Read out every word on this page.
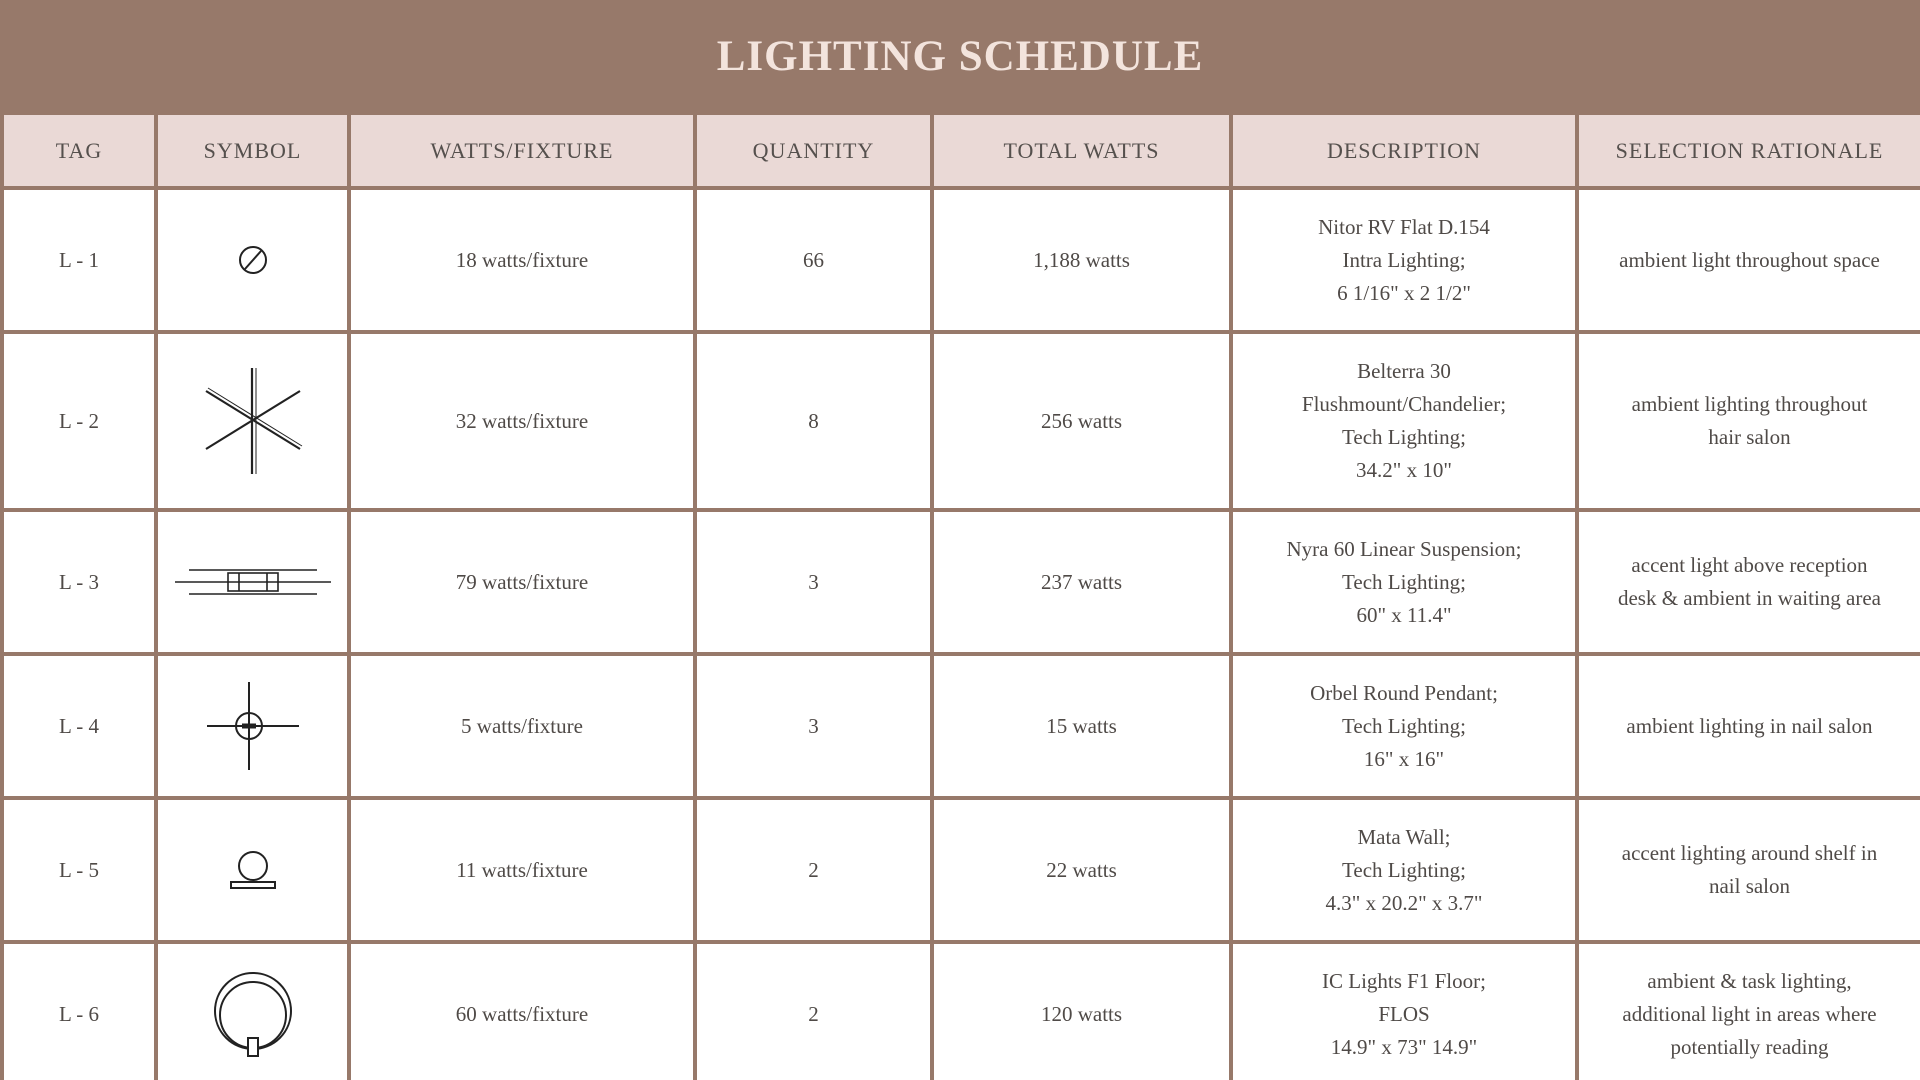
LIGHTING SCHEDULE
TAG	SYMBOL	WATTS/FIXTURE	QUANTITY	TOTAL WATTS	DESCRIPTION	SELECTION RATIONALE
L - 1		18 watts/fixture	66	1,188 watts	Nitor RV Flat D.154
Intra Lighting;
6 1/16" x 2 1/2"	ambient light throughout space

L - 2		32 watts/fixture	8	256 watts	Belterra 30
Flushmount/Chandelier;
Tech Lighting;
34.2" x 10"	ambient lighting throughout
hair salon

L - 3		79 watts/fixture	3	237 watts	Nyra 60 Linear Suspension;
Tech Lighting;
60" x 11.4"	accent light above reception
desk & ambient in waiting area

L - 4		5 watts/fixture	3	15 watts	Orbel Round Pendant;
Tech Lighting;
16" x 16"	ambient lighting in nail salon

L - 5		11 watts/fixture	2	22 watts	Mata Wall;
Tech Lighting;
4.3" x 20.2" x 3.7"	accent lighting around shelf in
nail salon

L - 6		60 watts/fixture	2	120 watts	IC Lights F1 Floor;
FLOS
14.9" x 73" 14.9"	ambient & task lighting,
additional light in areas where
potentially reading
